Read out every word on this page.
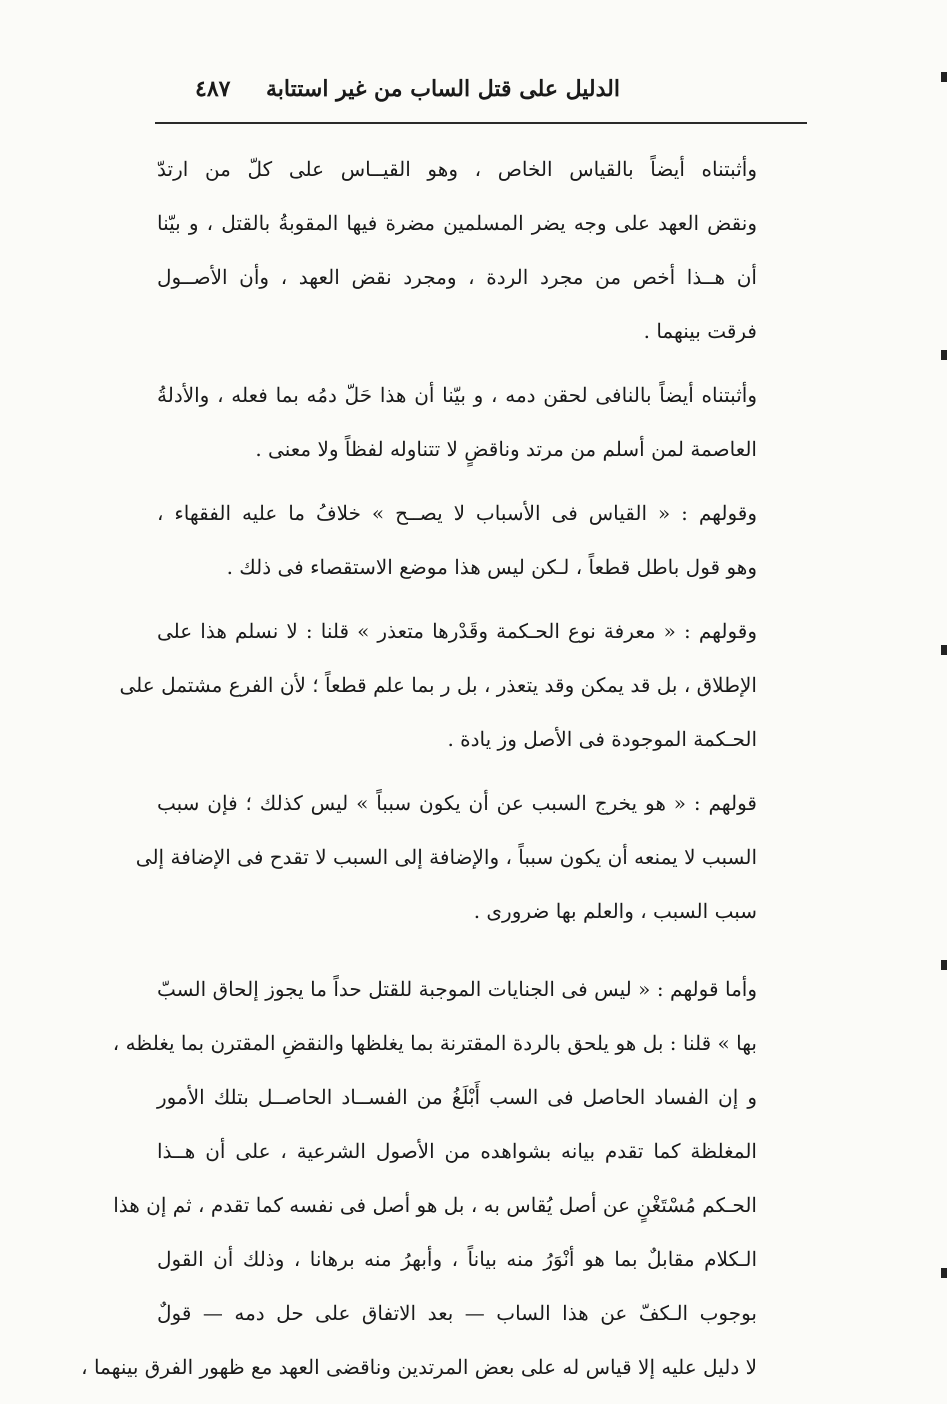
الدليل على قتل الساب من غير استتابة
٤٨٧

وأثبتناه أيضاً بالقياس الخاص ، وهو القيــاس على كلّ من ارتدّ
ونقض العهد على وجه يضر المسلمين مضرة فيها المقوبةُ بالقتل ، و بيّنا
أن هــذا أخص من مجرد الردة ، ومجرد نقض العهد ، وأن الأصــول
فرقت بينهما .

وأثبتناه أيضاً بالنافى لحقن دمه ، و بيّنا أن هذا حَلّ دمُه بما فعله ، والأدلةُ
العاصمة لمن أسلم من مرتد وناقضٍ لا تتناوله لفظاً ولا معنى .

وقولهم : « القياس فى الأسباب لا يصــح » خلافُ ما عليه الفقهاء ،
وهو قول باطل قطعاً ، لـكن ليس هذا موضع الاستقصاء فى ذلك .

وقولهم : « معرفة نوع الحـكمة وقَدْرها متعذر » قلنا : لا نسلم هذا على
الإطلاق ، بل قد يمكن وقد يتعذر ، بل ر بما علم قطعاً ؛ لأن الفرع مشتمل على
الحـكمة الموجودة فى الأصل وز يادة .

قولهم : « هو يخرج السبب عن أن يكون سبباً » ليس كذلك ؛ فإن سبب
السبب لا يمنعه أن يكون سبباً ، والإضافة إلى السبب لا تقدح فى الإضافة إلى
سبب السبب ، والعلم بها ضرورى .

وأما قولهم : « ليس فى الجنايات الموجبة للقتل حداً ما يجوز إلحاق السبّ
بها » قلنا : بل هو يلحق بالردة المقترنة بما يغلظها والنقضِ المقترن بما يغلظه ،
و إن الفساد الحاصل فى السب أَبْلَغُ من الفســاد الحاصــل بتلك الأمور
المغلظة كما تقدم بيانه بشواهده من الأصول الشرعية ، على أن هــذا
الحـكم مُسْتَغْنٍ عن أصل يُقاس به ، بل هو أصل فى نفسه كما تقدم ، ثم إن هذا
الـكلام مقابلٌ بما هو أنْوَرُ منه بياناً ، وأبهرُ منه برهانا ، وذلك أن القول
بوجوب الـكفّ عن هذا الساب — بعد الاتفاق على حل دمه — قولٌ
لا دليل عليه إلا قياس له على بعض المرتدين وناقضى العهد مع ظهور الفرق بينهما ،
